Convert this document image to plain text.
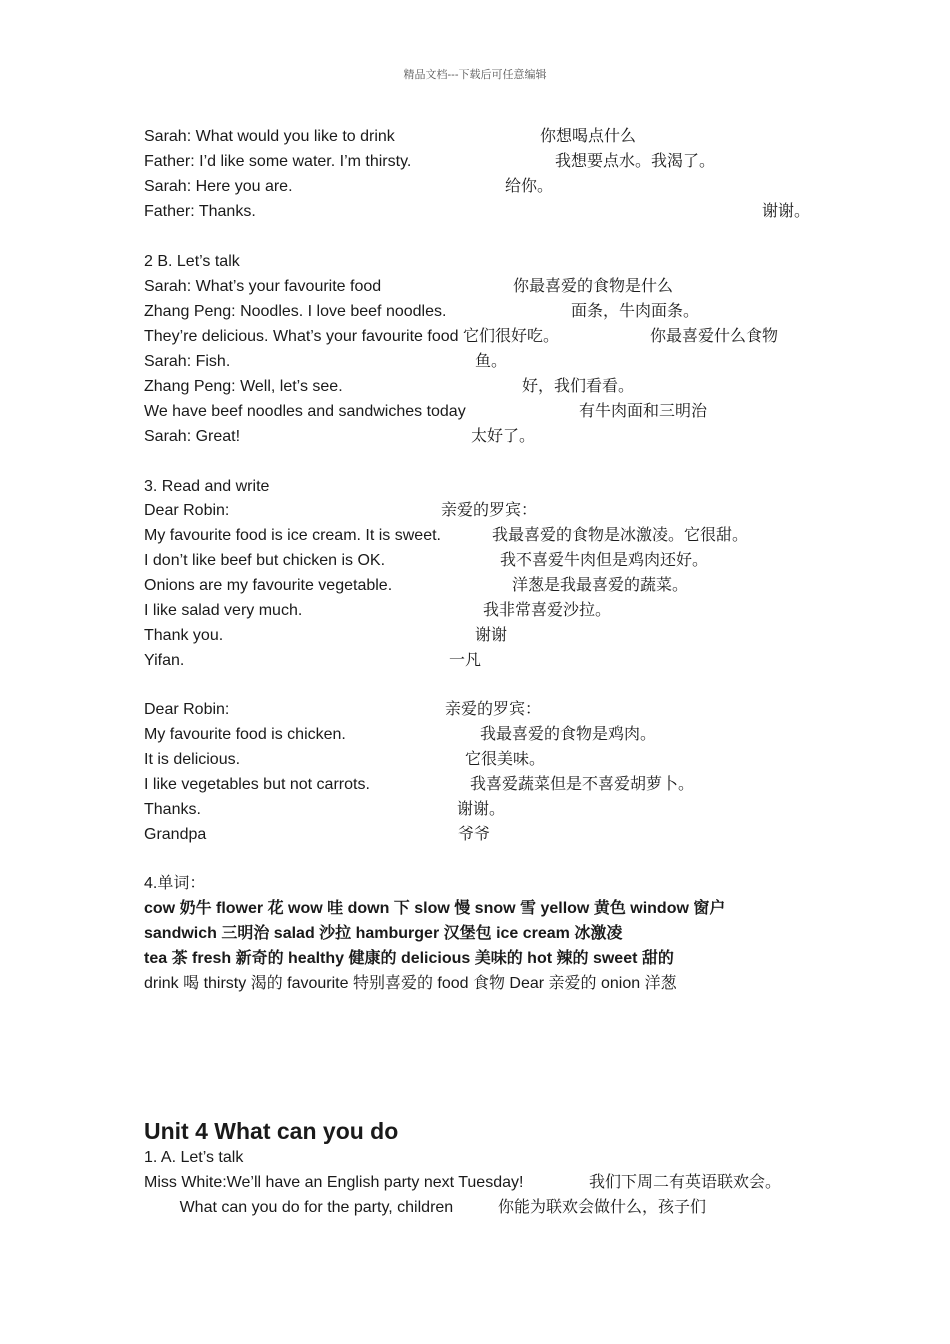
精品文档---下载后可任意编辑
Sarah: What would you like to drink	你想喝点什么
Father: I’d like some water. I’m thirsty.	我想要点水。我渴了。
Sarah: Here you are.	给你。
Father: Thanks.	谢谢。
2 B. Let’s talk
Sarah: What’s your favourite food	你最喜爱的食物是什么
Zhang Peng: Noodles. I love beef noodles.	面条，牛肉面条。
They’re delicious. What’s your favourite food 它们很好吃。	你最喜爱什么食物
Sarah: Fish.	鱼。
Zhang Peng: Well, let’s see.	好，我们看看。
We have beef noodles and sandwiches today	有牛肉面和三明治
Sarah: Great!	太好了。
3. Read and write
Dear Robin:	亲爱的罗宾：
My favourite food is ice cream. It is sweet.	我最喜爱的食物是冰激凌。它很甜。
I don’t like beef but chicken is OK.	我不喜爱牛肉但是鸡肉还好。
Onions are my favourite vegetable.	洋葱是我最喜爱的蔬菜。
I like salad very much.	我非常喜爱沙拉。
Thank you.	谢谢
Yifan.	一凡
Dear Robin:	亲爱的罗宾：
My favourite food is chicken.	我最喜爱的食物是鸡肉。
It is delicious.	它很美味。
I like vegetables but not carrots.	我喜爱蔬菜但是不喜爱胡萝卜。
Thanks.	谢谢。
Grandpa	爷爷
4.单词：
cow 奶牛 flower 花 wow 哇 down 下 slow 慢 snow 雪 yellow 黄色 window 窗户
sandwich 三明治 salad 沙拉 hamburger 汉堡包 ice cream 冰激凌
tea 茶 fresh 新奇的 healthy 健康的 delicious 美味的 hot 辣的 sweet 甜的
drink 喝 thirsty 渴的 favourite 特别喜爱的 food 食物 Dear 亲爱的 onion 洋葱
Unit 4 What can you do
1. A. Let’s talk
Miss White:We’ll have an English party next Tuesday!	我们下周二有英语联欢会。
What can you do for the party, children	你能为联欢会做什么，孩子们
